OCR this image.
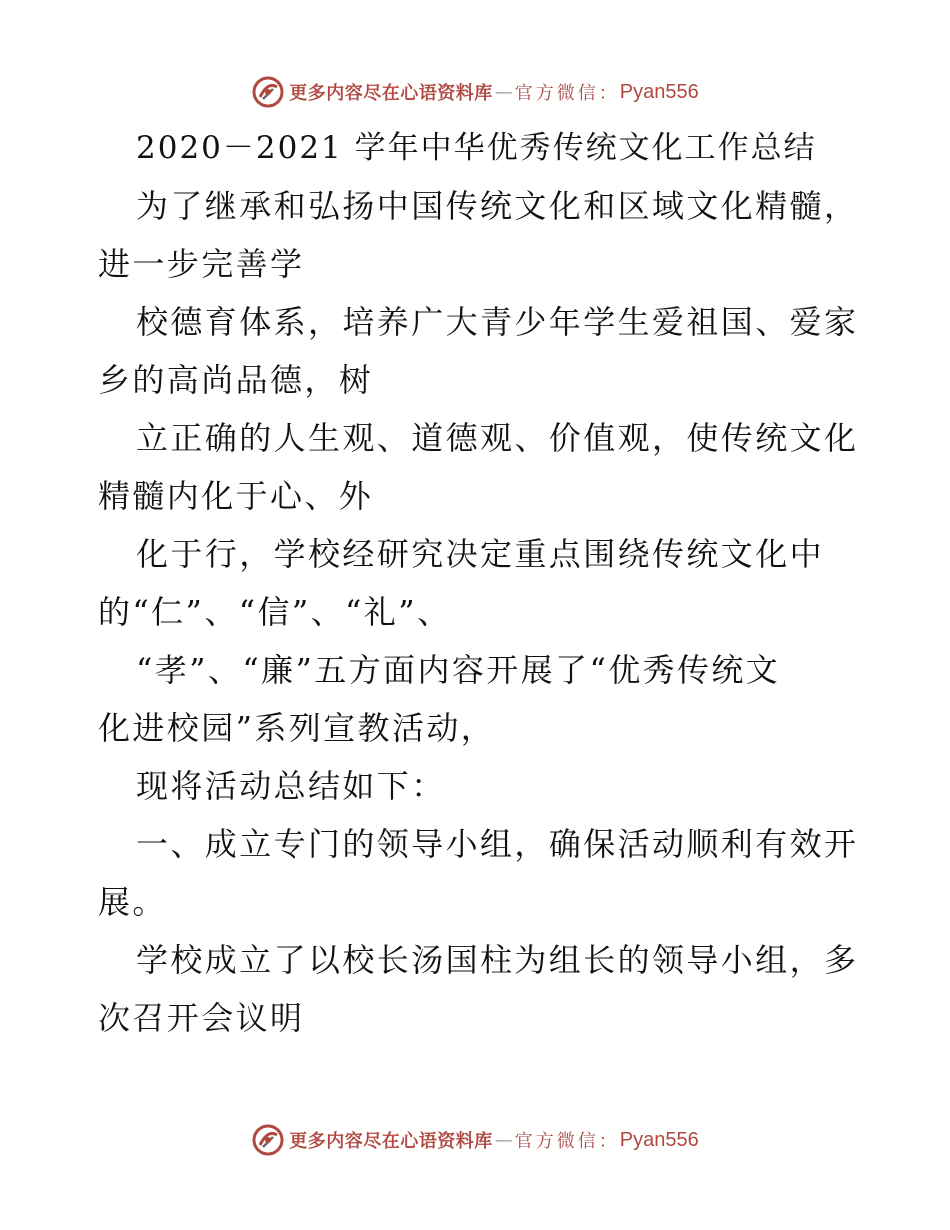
更多内容尽在心语资料库 — 官方微信： Pyan556
2020－2021 学年中华优秀传统文化工作总结
为了继承和弘扬中国传统文化和区域文化精髓，
进一步完善学
校德育体系，培养广大青少年学生爱祖国、爱家
乡的高尚品德，树
立正确的人生观、道德观、价值观，使传统文化
精髓内化于心、外
化于行，学校经研究决定重点围绕传统文化中
的“仁”、“信”、“礼”、
“孝”、“廉”五方面内容开展了“优秀传统文
化进校园”系列宣教活动，
现将活动总结如下：
一、成立专门的领导小组，确保活动顺利有效开
展。
学校成立了以校长汤国柱为组长的领导小组，多
次召开会议明
更多内容尽在心语资料库 — 官方微信： Pyan556
